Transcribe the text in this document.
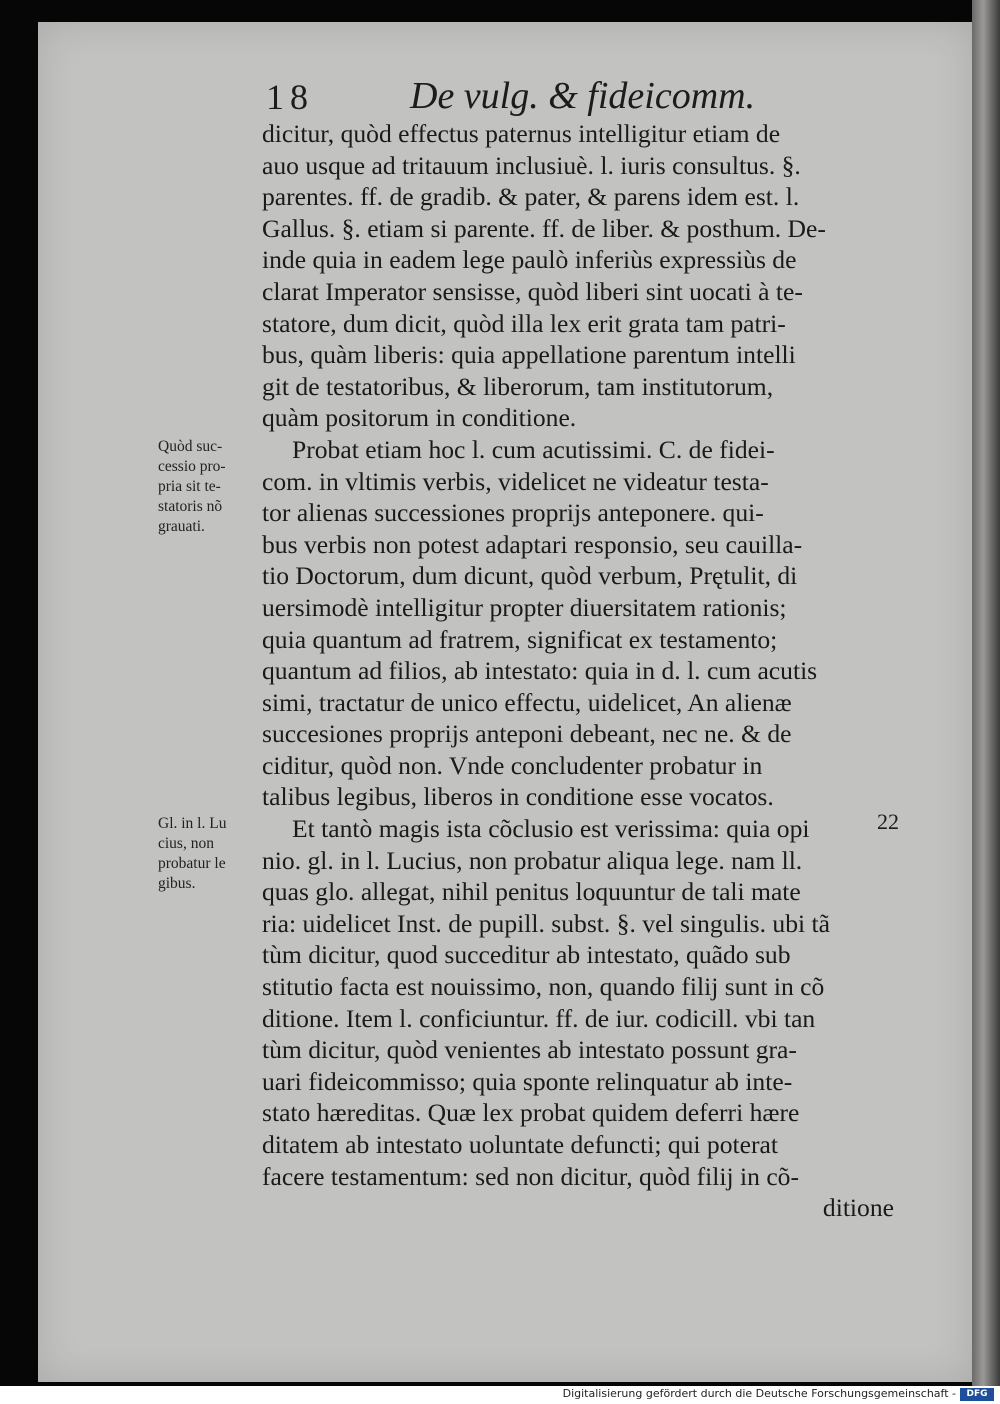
18	De vulg. & fideicomm.
Quòd suc-
cessio pro-
pria sit te-
statoris nõ
grauati.
Gl. in l. Lu
cius, non
probatur le
gibus.
22
dicitur, quòd effectus paternus intelligitur etiam de
auo usque ad tritauum inclusiuè. l. iuris consultus. §.
parentes. ff. de gradib. & pater, & parens idem est. l.
Gallus. §. etiam si parente. ff. de liber. & posthum. De-
inde quia in eadem lege paulò inferiùs expressiùs de
clarat Imperator sensisse, quòd liberi sint uocati à te-
statore, dum dicit, quòd illa lex erit grata tam patri-
bus, quàm liberis: quia appellatione parentum intelli
git de testatoribus, & liberorum, tam institutorum,
quàm positorum in conditione.
Probat etiam hoc l. cum acutissimi. C. de fidei-
com. in vltimis verbis, videlicet ne videatur testa-
tor alienas successiones proprijs anteponere. qui-
bus verbis non potest adaptari responsio, seu cauilla-
tio Doctorum, dum dicunt, quòd verbum, Prętulit, di
uersimodè intelligitur propter diuersitatem rationis;
quia quantum ad fratrem, significat ex testamento;
quantum ad filios, ab intestato: quia in d. l. cum acutis
simi, tractatur de unico effectu, uidelicet, An alienæ
succesiones proprijs anteponi debeant, nec ne. & de
ciditur, quòd non. Vnde concludenter probatur in
talibus legibus, liberos in conditione esse vocatos.
Et tantò magis ista cõclusio est verissima: quia opi
nio. gl. in l. Lucius, non probatur aliqua lege. nam ll.
quas glo. allegat, nihil penitus loquuntur de tali mate
ria: uidelicet Inst. de pupill. subst. §. vel singulis. ubi tã
tùm dicitur, quod succeditur ab intestato, quãdo sub
stitutio facta est nouissimo, non, quando filij sunt in cõ
ditione. Item l. conficiuntur. ff. de iur. codicill. vbi tan
tùm dicitur, quòd venientes ab intestato possunt gra-
uari fideicommisso; quia sponte relinquatur ab inte-
stato hæreditas. Quæ lex probat quidem deferri hære
ditatem ab intestato uoluntate defuncti; qui poterat
facere testamentum: sed non dicitur, quòd filij in cõ-
ditione
Digitalisierung gefördert durch die Deutsche Forschungsgemeinschaft -	DFG
